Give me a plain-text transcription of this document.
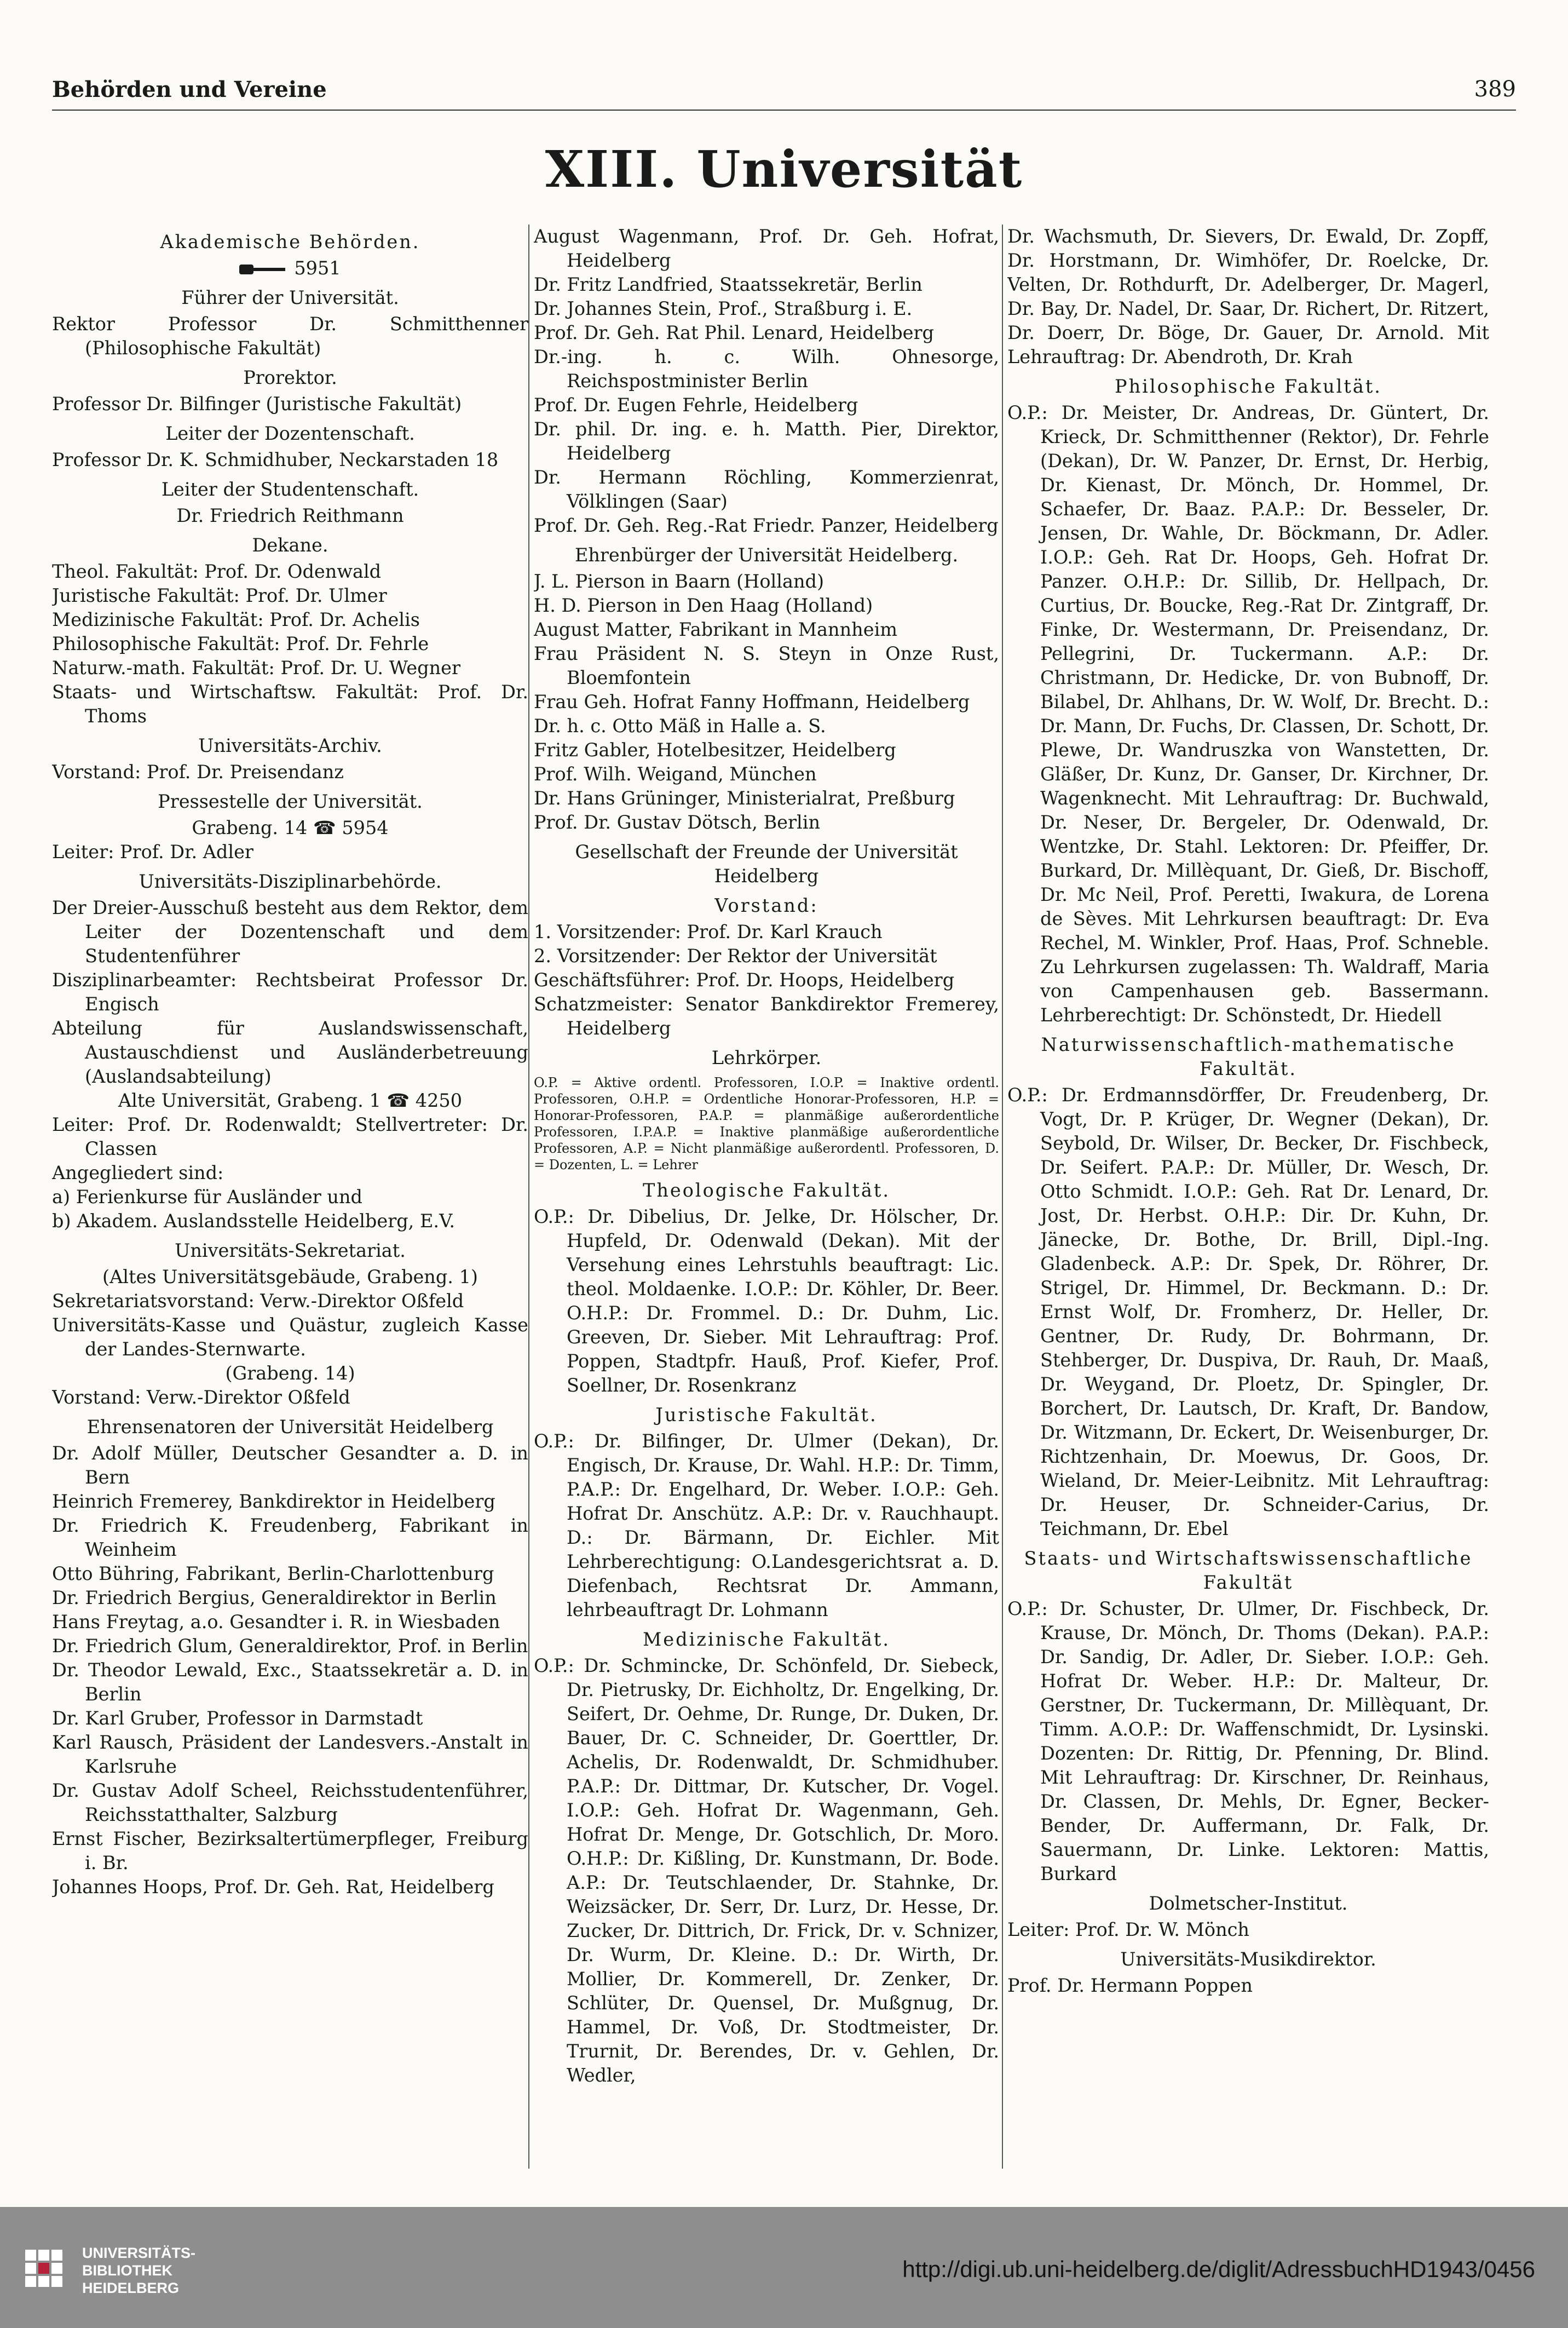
Behörden und Vereine	389
XIII. Universität
Akademische Behörden.
5951
Führer der Universität.
Rektor Professor Dr. Schmitthenner (Philosophische Fakultät)
Prorektor.
Professor Dr. Bilfinger (Juristische Fakultät)
Leiter der Dozentenschaft.
Professor Dr. K. Schmidhuber, Neckarstaden 18
Leiter der Studentenschaft.
Dr. Friedrich Reithmann
Dekane.
Theol. Fakultät: Prof. Dr. Odenwald
Juristische Fakultät: Prof. Dr. Ulmer
Medizinische Fakultät: Prof. Dr. Achelis
Philosophische Fakultät: Prof. Dr. Fehrle
Naturw.-math. Fakultät: Prof. Dr. U. Wegner
Staats- und Wirtschaftsw. Fakultät: Prof. Dr. Thoms
Universitäts-Archiv.
Vorstand: Prof. Dr. Preisendanz
Pressestelle der Universität.
Grabeng. 14 ☎ 5954
Leiter: Prof. Dr. Adler
Universitäts-Disziplinarbehörde.
Der Dreier-Ausschuß besteht aus dem Rektor, dem Leiter der Dozentenschaft und dem Studentenführer
Disziplinarbeamter: Rechtsbeirat Professor Dr. Engisch
Abteilung für Auslandswissenschaft, Austauschdienst und Ausländerbetreuung (Auslandsabteilung)
Alte Universität, Grabeng. 1 ☎ 4250
Leiter: Prof. Dr. Rodenwaldt; Stellvertreter: Dr. Classen
Angegliedert sind:
a) Ferienkurse für Ausländer und
b) Akadem. Auslandsstelle Heidelberg, E.V.
Universitäts-Sekretariat.
(Altes Universitätsgebäude, Grabeng. 1)
Sekretariatsvorstand: Verw.-Direktor Oßfeld
Universitäts-Kasse und Quästur, zugleich Kasse der Landes-Sternwarte.
(Grabeng. 14)
Vorstand: Verw.-Direktor Oßfeld
Ehrensenatoren der Universität Heidelberg
Dr. Adolf Müller, Deutscher Gesandter a. D. in Bern
Heinrich Fremerey, Bankdirektor in Heidelberg
Dr. Friedrich K. Freudenberg, Fabrikant in Weinheim
Otto Bühring, Fabrikant, Berlin-Charlottenburg
Dr. Friedrich Bergius, Generaldirektor in Berlin
Hans Freytag, a.o. Gesandter i. R. in Wiesbaden
Dr. Friedrich Glum, Generaldirektor, Prof. in Berlin
Dr. Theodor Lewald, Exc., Staatssekretär a. D. in Berlin
Dr. Karl Gruber, Professor in Darmstadt
Karl Rausch, Präsident der Landesvers.-Anstalt in Karlsruhe
Dr. Gustav Adolf Scheel, Reichsstudentenführer, Reichsstatthalter, Salzburg
Ernst Fischer, Bezirksaltertümerpfleger, Freiburg i. Br.
Johannes Hoops, Prof. Dr. Geh. Rat, Heidelberg
August Wagenmann, Prof. Dr. Geh. Hofrat, Heidelberg
Dr. Fritz Landfried, Staatssekretär, Berlin
Dr. Johannes Stein, Prof., Straßburg i. E.
Prof. Dr. Geh. Rat Phil. Lenard, Heidelberg
Dr.-ing. h. c. Wilh. Ohnesorge, Reichspostminister Berlin
Prof. Dr. Eugen Fehrle, Heidelberg
Dr. phil. Dr. ing. e. h. Matth. Pier, Direktor, Heidelberg
Dr. Hermann Röchling, Kommerzienrat, Völklingen (Saar)
Prof. Dr. Geh. Reg.-Rat Friedr. Panzer, Heidelberg
Ehrenbürger der Universität Heidelberg.
J. L. Pierson in Baarn (Holland)
H. D. Pierson in Den Haag (Holland)
August Matter, Fabrikant in Mannheim
Frau Präsident N. S. Steyn in Onze Rust, Bloemfontein
Frau Geh. Hofrat Fanny Hoffmann, Heidelberg
Dr. h. c. Otto Mäß in Halle a. S.
Fritz Gabler, Hotelbesitzer, Heidelberg
Prof. Wilh. Weigand, München
Dr. Hans Grüninger, Ministerialrat, Preßburg
Prof. Dr. Gustav Dötsch, Berlin
Gesellschaft der Freunde der Universität Heidelberg
Vorstand:
1. Vorsitzender: Prof. Dr. Karl Krauch
2. Vorsitzender: Der Rektor der Universität
Geschäftsführer: Prof. Dr. Hoops, Heidelberg
Schatzmeister: Senator Bankdirektor Fremerey, Heidelberg
Lehrkörper.
O.P. = Aktive ordentl. Professoren, I.O.P. = Inaktive ordentl. Professoren, O.H.P. = Ordentliche Honorar-Professoren, H.P. = Honorar-Professoren, P.A.P. = planmäßige außerordentliche Professoren, I.P.A.P. = Inaktive planmäßige außerordentliche Professoren, A.P. = Nicht planmäßige außerordentl. Professoren, D. = Dozenten, L. = Lehrer
Theologische Fakultät.
O.P.: Dr. Dibelius, Dr. Jelke, Dr. Hölscher, Dr. Hupfeld, Dr. Odenwald (Dekan). Mit der Versehung eines Lehrstuhls beauftragt: Lic. theol. Moldaenke. I.O.P.: Dr. Köhler, Dr. Beer. O.H.P.: Dr. Frommel. D.: Dr. Duhm, Lic. Greeven, Dr. Sieber. Mit Lehrauftrag: Prof. Poppen, Stadtpfr. Hauß, Prof. Kiefer, Prof. Soellner, Dr. Rosenkranz
Juristische Fakultät.
O.P.: Dr. Bilfinger, Dr. Ulmer (Dekan), Dr. Engisch, Dr. Krause, Dr. Wahl. H.P.: Dr. Timm, P.A.P.: Dr. Engelhard, Dr. Weber. I.O.P.: Geh. Hofrat Dr. Anschütz. A.P.: Dr. v. Rauchhaupt. D.: Dr. Bärmann, Dr. Eichler. Mit Lehrberechtigung: O.Landesgerichtsrat a. D. Diefenbach, Rechtsrat Dr. Ammann, lehrbeauftragt Dr. Lohmann
Medizinische Fakultät.
O.P.: Dr. Schmincke, Dr. Schönfeld, Dr. Siebeck, Dr. Pietrusky, Dr. Eichholtz, Dr. Engelking, Dr. Seifert, Dr. Oehme, Dr. Runge, Dr. Duken, Dr. Bauer, Dr. C. Schneider, Dr. Goerttler, Dr. Achelis, Dr. Rodenwaldt, Dr. Schmidhuber. P.A.P.: Dr. Dittmar, Dr. Kutscher, Dr. Vogel. I.O.P.: Geh. Hofrat Dr. Wagenmann, Geh. Hofrat Dr. Menge, Dr. Gotschlich, Dr. Moro. O.H.P.: Dr. Kißling, Dr. Kunstmann, Dr. Bode. A.P.: Dr. Teutschlaender, Dr. Stahnke, Dr. Weizsäcker, Dr. Serr, Dr. Lurz, Dr. Hesse, Dr. Zucker, Dr. Dittrich, Dr. Frick, Dr. v. Schnizer, Dr. Wurm, Dr. Kleine. D.: Dr. Wirth, Dr. Mollier, Dr. Kommerell, Dr. Zenker, Dr. Schlüter, Dr. Quensel, Dr. Mußgnug, Dr. Hammel, Dr. Voß, Dr. Stodtmeister, Dr. Trurnit, Dr. Berendes, Dr. v. Gehlen, Dr. Wedler,
Dr. Wachsmuth, Dr. Sievers, Dr. Ewald, Dr. Zopff, Dr. Horstmann, Dr. Wimhöfer, Dr. Roelcke, Dr. Velten, Dr. Rothdurft, Dr. Adelberger, Dr. Magerl, Dr. Bay, Dr. Nadel, Dr. Saar, Dr. Richert, Dr. Ritzert, Dr. Doerr, Dr. Böge, Dr. Gauer, Dr. Arnold. Mit Lehrauftrag: Dr. Abendroth, Dr. Krah
Philosophische Fakultät.
O.P.: Dr. Meister, Dr. Andreas, Dr. Güntert, Dr. Krieck, Dr. Schmitthenner (Rektor), Dr. Fehrle (Dekan), Dr. W. Panzer, Dr. Ernst, Dr. Herbig, Dr. Kienast, Dr. Mönch, Dr. Hommel, Dr. Schaefer, Dr. Baaz. P.A.P.: Dr. Besseler, Dr. Jensen, Dr. Wahle, Dr. Böckmann, Dr. Adler. I.O.P.: Geh. Rat Dr. Hoops, Geh. Hofrat Dr. Panzer. O.H.P.: Dr. Sillib, Dr. Hellpach, Dr. Curtius, Dr. Boucke, Reg.-Rat Dr. Zintgraff, Dr. Finke, Dr. Westermann, Dr. Preisendanz, Dr. Pellegrini, Dr. Tuckermann. A.P.: Dr. Christmann, Dr. Hedicke, Dr. von Bubnoff, Dr. Bilabel, Dr. Ahlhans, Dr. W. Wolf, Dr. Brecht. D.: Dr. Mann, Dr. Fuchs, Dr. Classen, Dr. Schott, Dr. Plewe, Dr. Wandruszka von Wanstetten, Dr. Gläßer, Dr. Kunz, Dr. Ganser, Dr. Kirchner, Dr. Wagenknecht. Mit Lehrauftrag: Dr. Buchwald, Dr. Neser, Dr. Bergeler, Dr. Odenwald, Dr. Wentzke, Dr. Stahl. Lektoren: Dr. Pfeiffer, Dr. Burkard, Dr. Millèquant, Dr. Gieß, Dr. Bischoff, Dr. Mc Neil, Prof. Peretti, Iwakura, de Lorena de Sèves. Mit Lehrkursen beauftragt: Dr. Eva Rechel, M. Winkler, Prof. Haas, Prof. Schneble. Zu Lehrkursen zugelassen: Th. Waldraff, Maria von Campenhausen geb. Bassermann. Lehrberechtigt: Dr. Schönstedt, Dr. Hiedell
Naturwissenschaftlich-mathematische Fakultät.
O.P.: Dr. Erdmannsdörffer, Dr. Freudenberg, Dr. Vogt, Dr. P. Krüger, Dr. Wegner (Dekan), Dr. Seybold, Dr. Wilser, Dr. Becker, Dr. Fischbeck, Dr. Seifert. P.A.P.: Dr. Müller, Dr. Wesch, Dr. Otto Schmidt. I.O.P.: Geh. Rat Dr. Lenard, Dr. Jost, Dr. Herbst. O.H.P.: Dir. Dr. Kuhn, Dr. Jänecke, Dr. Bothe, Dr. Brill, Dipl.-Ing. Gladenbeck. A.P.: Dr. Spek, Dr. Röhrer, Dr. Strigel, Dr. Himmel, Dr. Beckmann. D.: Dr. Ernst Wolf, Dr. Fromherz, Dr. Heller, Dr. Gentner, Dr. Rudy, Dr. Bohrmann, Dr. Stehberger, Dr. Duspiva, Dr. Rauh, Dr. Maaß, Dr. Weygand, Dr. Ploetz, Dr. Spingler, Dr. Borchert, Dr. Lautsch, Dr. Kraft, Dr. Bandow, Dr. Witzmann, Dr. Eckert, Dr. Weisenburger, Dr. Richtzenhain, Dr. Moewus, Dr. Goos, Dr. Wieland, Dr. Meier-Leibnitz. Mit Lehrauftrag: Dr. Heuser, Dr. Schneider-Carius, Dr. Teichmann, Dr. Ebel
Staats- und Wirtschaftswissenschaftliche Fakultät
O.P.: Dr. Schuster, Dr. Ulmer, Dr. Fischbeck, Dr. Krause, Dr. Mönch, Dr. Thoms (Dekan). P.A.P.: Dr. Sandig, Dr. Adler, Dr. Sieber. I.O.P.: Geh. Hofrat Dr. Weber. H.P.: Dr. Malteur, Dr. Gerstner, Dr. Tuckermann, Dr. Millèquant, Dr. Timm. A.O.P.: Dr. Waffenschmidt, Dr. Lysinski. Dozenten: Dr. Rittig, Dr. Pfenning, Dr. Blind. Mit Lehrauftrag: Dr. Kirschner, Dr. Reinhaus, Dr. Classen, Dr. Mehls, Dr. Egner, Becker-Bender, Dr. Auffermann, Dr. Falk, Dr. Sauermann, Dr. Linke. Lektoren: Mattis, Burkard
Dolmetscher-Institut.
Leiter: Prof. Dr. W. Mönch
Universitäts-Musikdirektor.
Prof. Dr. Hermann Poppen
UNIVERSITÄTS-
BIBLIOTHEK
HEIDELBERG
http://digi.ub.uni-heidelberg.de/diglit/AdressbuchHD1943/0456
